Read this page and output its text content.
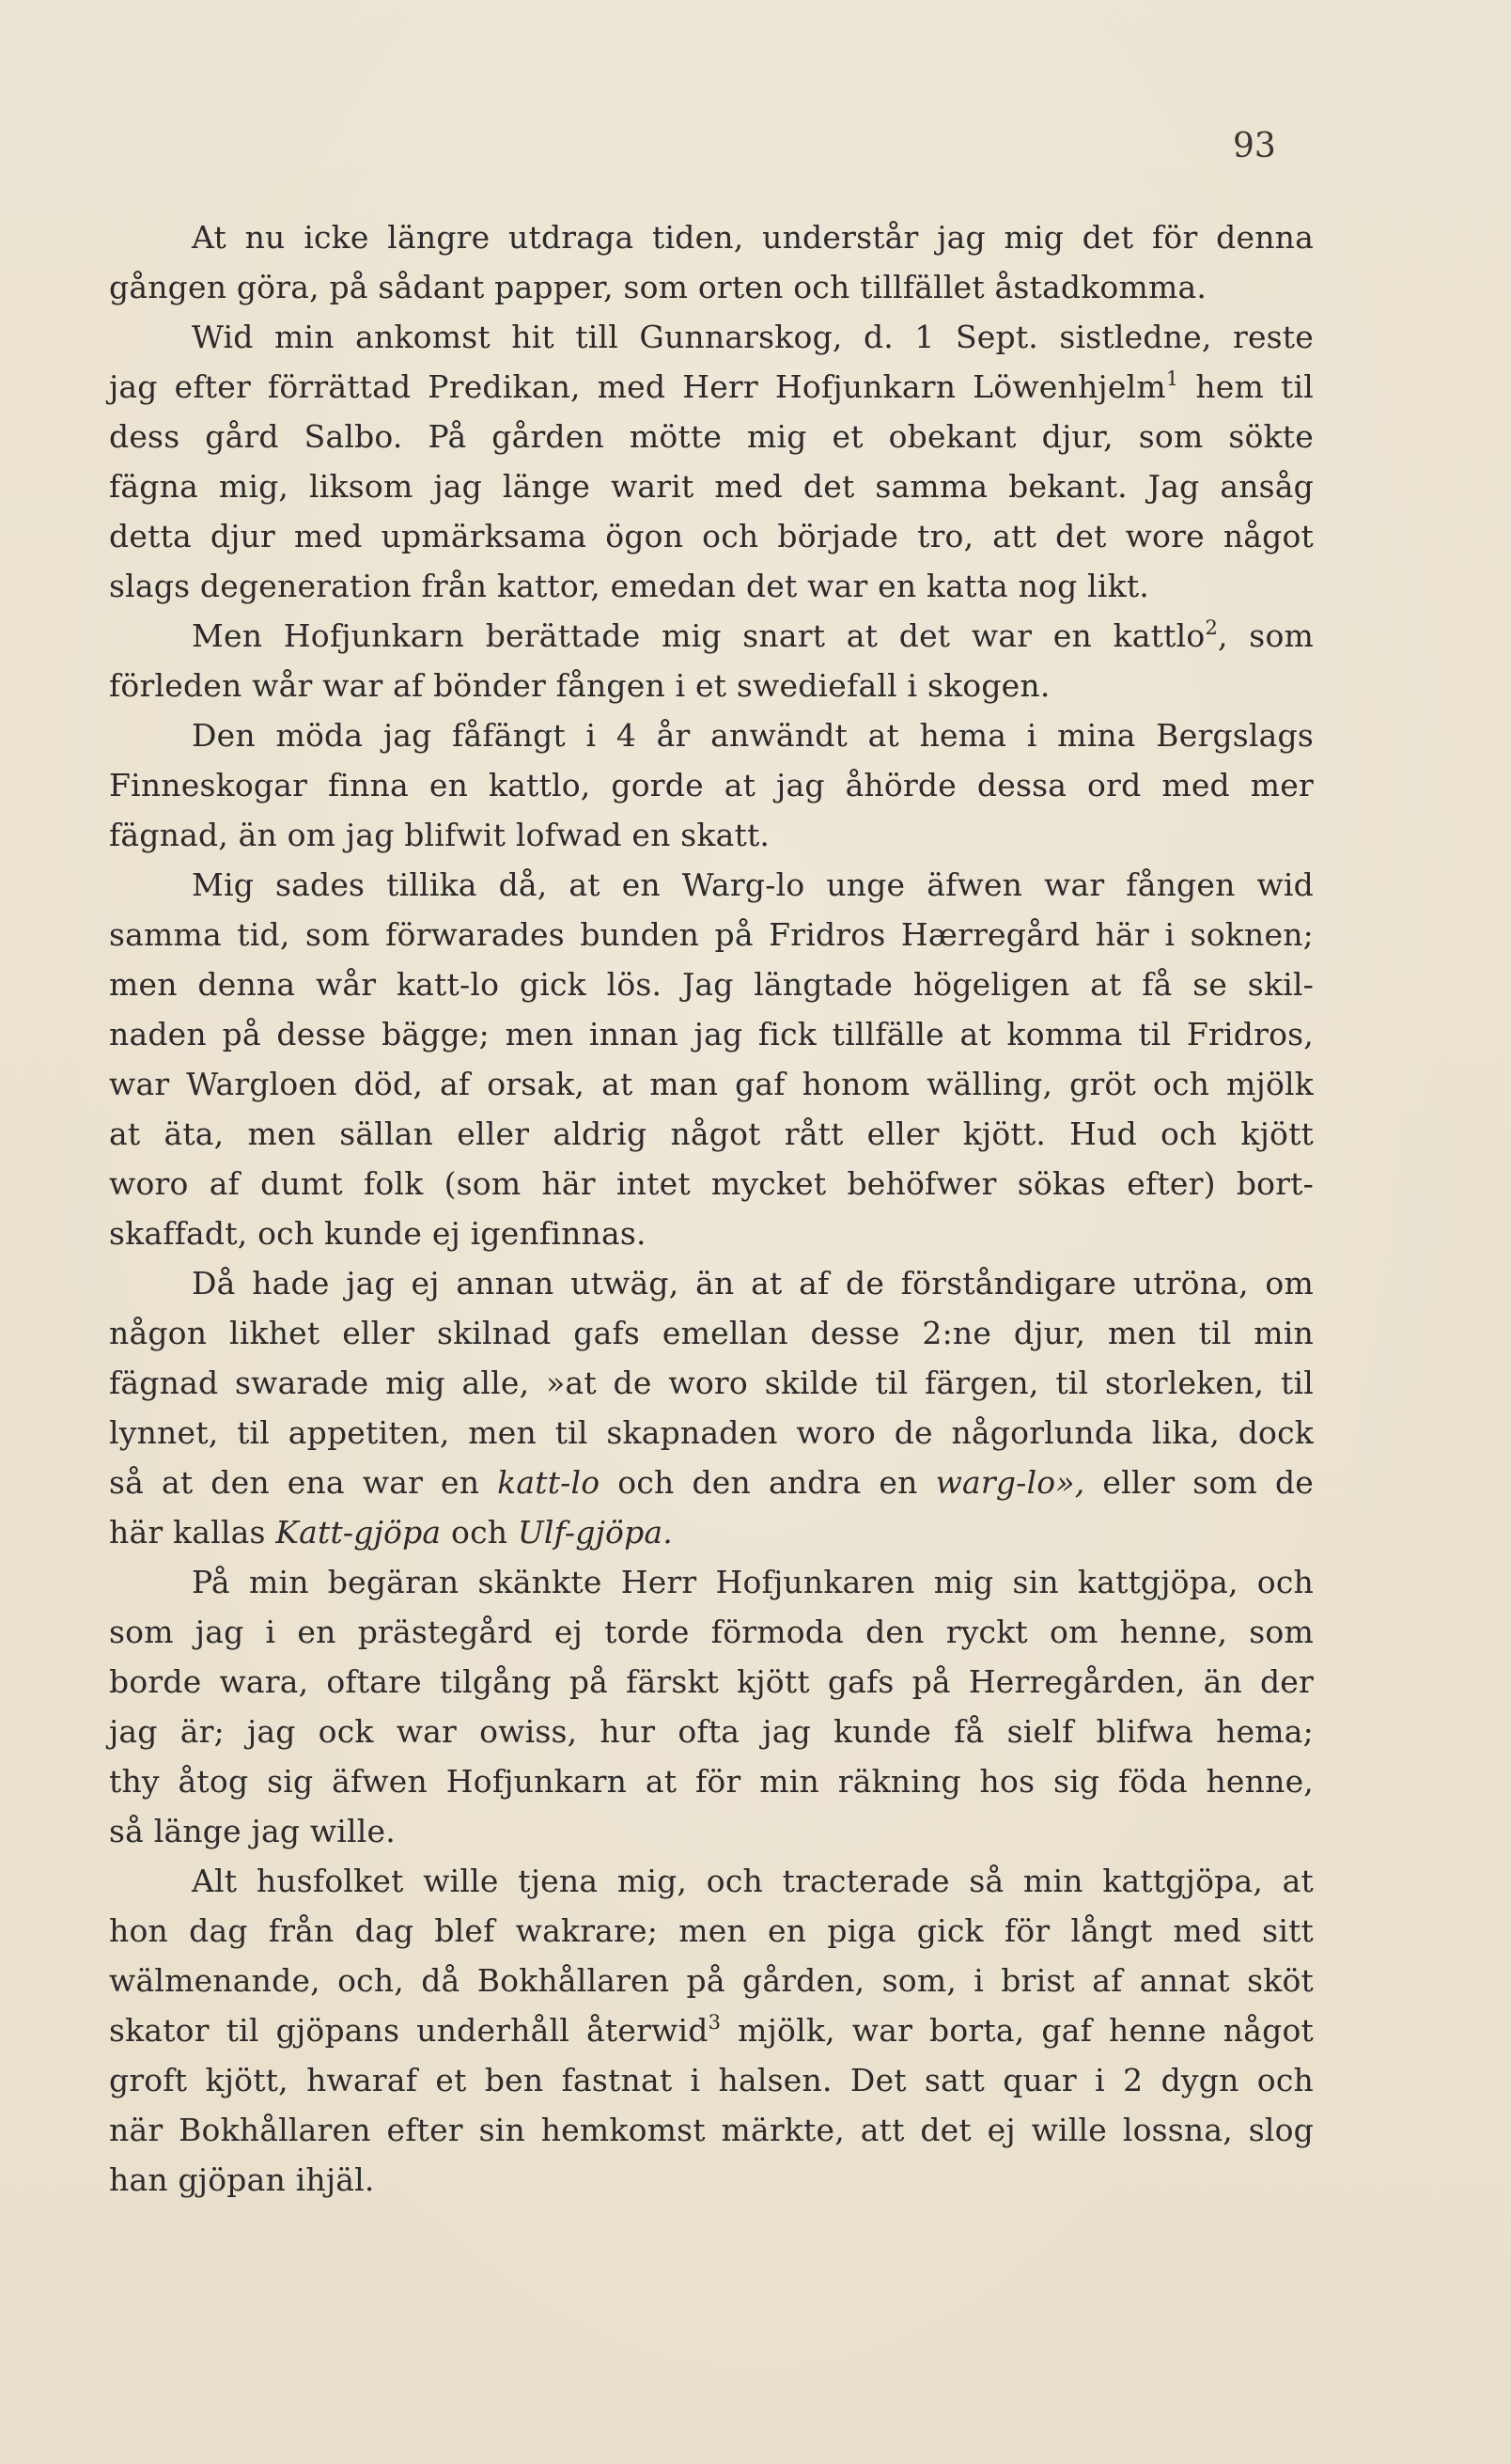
93
At nu icke längre utdraga tiden, understår jag mig det för denna
gången göra, på sådant papper, som orten och tillfället åstadkomma.
Wid min ankomst hit till Gunnarskog, d. 1 Sept. sistledne, reste
jag efter förrättad Predikan, med Herr Hofjunkarn Löwenhjelm$^1$ hem til
dess gård Salbo. På gården mötte mig et obekant djur, som sökte
fägna mig, liksom jag länge warit med det samma bekant. Jag ansåg
detta djur med upmärksama ögon och började tro, att det wore något
slags degeneration från kattor, emedan det war en katta nog likt.
Men Hofjunkarn berättade mig snart at det war en kattlo$^2$, som
förleden wår war af bönder fången i et swediefall i skogen.
Den möda jag fåfängt i 4 år anwändt at hema i mina Bergslags
Finneskogar finna en kattlo, gorde at jag åhörde dessa ord med mer
fägnad, än om jag blifwit lofwad en skatt.
Mig sades tillika då, at en Warg-lo unge äfwen war fången wid
samma tid, som förwarades bunden på Fridros Hærregård här i soknen;
men denna wår katt-lo gick lös. Jag längtade högeligen at få se skil-
naden på desse bägge; men innan jag fick tillfälle at komma til Fridros,
war Wargloen död, af orsak, at man gaf honom wälling, gröt och mjölk
at äta, men sällan eller aldrig något rått eller kjött. Hud och kjött
woro af dumt folk (som här intet mycket behöfwer sökas efter) bort-
skaffadt, och kunde ej igenfinnas.
Då hade jag ej annan utwäg, än at af de förståndigare utröna, om
någon likhet eller skilnad gafs emellan desse 2:ne djur, men til min
fägnad swarade mig alle, »at de woro skilde til färgen, til storleken, til
lynnet, til appetiten, men til skapnaden woro de någorlunda lika, dock
så at den ena war en katt-lo och den andra en warg-lo», eller som de
här kallas Katt-gjöpa och Ulf-gjöpa.
På min begäran skänkte Herr Hofjunkaren mig sin kattgjöpa, och
som jag i en prästegård ej torde förmoda den ryckt om henne, som
borde wara, oftare tilgång på färskt kjött gafs på Herregården, än der
jag är; jag ock war owiss, hur ofta jag kunde få sielf blifwa hema;
thy åtog sig äfwen Hofjunkarn at för min räkning hos sig föda henne,
så länge jag wille.
Alt husfolket wille tjena mig, och tracterade så min kattgjöpa, at
hon dag från dag blef wakrare; men en piga gick för långt med sitt
wälmenande, och, då Bokhållaren på gården, som, i brist af annat sköt
skator til gjöpans underhåll återwid$^3$ mjölk, war borta, gaf henne något
groft kjött, hwaraf et ben fastnat i halsen. Det satt quar i 2 dygn och
när Bokhållaren efter sin hemkomst märkte, att det ej wille lossna, slog
han gjöpan ihjäl.
